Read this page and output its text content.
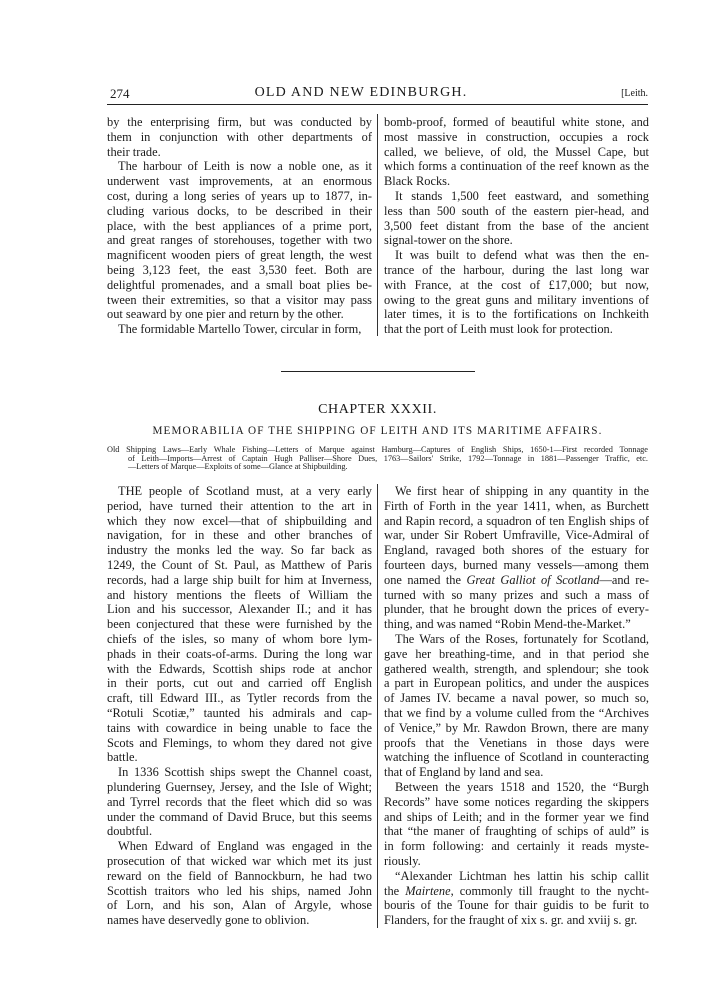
274	OLD AND NEW EDINBURGH.	[Leith.
by the enterprising firm, but was conducted by
them in conjunction with other departments of
their trade.
The harbour of Leith is now a noble one, as it
underwent vast improvements, at an enormous
cost, during a long series of years up to 1877, in-
cluding various docks, to be described in their
place, with the best appliances of a prime port,
and great ranges of storehouses, together with two
magnificent wooden piers of great length, the west
being 3,123 feet, the east 3,530 feet. Both are
delightful promenades, and a small boat plies be-
tween their extremities, so that a visitor may pass
out seaward by one pier and return by the other.
The formidable Martello Tower, circular in form,
bomb-proof, formed of beautiful white stone, and
most massive in construction, occupies a rock
called, we believe, of old, the Mussel Cape, but
which forms a continuation of the reef known as the
Black Rocks.
It stands 1,500 feet eastward, and something
less than 500 south of the eastern pier-head, and
3,500 feet distant from the base of the ancient
signal-tower on the shore.
It was built to defend what was then the en-
trance of the harbour, during the last long war
with France, at the cost of £17,000; but now,
owing to the great guns and military inventions of
later times, it is to the fortifications on Inchkeith
that the port of Leith must look for protection.
CHAPTER XXXII.
MEMORABILIA OF THE SHIPPING OF LEITH AND ITS MARITIME AFFAIRS.
Old Shipping Laws—Early Whale Fishing—Letters of Marque against Hamburg—Captures of English Ships, 1650-1—First recorded Tonnage
of Leith—Imports—Arrest of Captain Hugh Palliser—Shore Dues, 1763—Sailors' Strike, 1792—Tonnage in 1881—Passenger Traffic, etc.
—Letters of Marque—Exploits of some—Glance at Shipbuilding.
THE people of Scotland must, at a very early
period, have turned their attention to the art in
which they now excel—that of shipbuilding and
navigation, for in these and other branches of
industry the monks led the way. So far back as
1249, the Count of St. Paul, as Matthew of Paris
records, had a large ship built for him at Inverness,
and history mentions the fleets of William the
Lion and his successor, Alexander II.; and it has
been conjectured that these were furnished by the
chiefs of the isles, so many of whom bore lym-
phads in their coats-of-arms. During the long war
with the Edwards, Scottish ships rode at anchor
in their ports, cut out and carried off English
craft, till Edward III., as Tytler records from the
“Rotuli Scotiæ,” taunted his admirals and cap-
tains with cowardice in being unable to face the
Scots and Flemings, to whom they dared not give
battle.
In 1336 Scottish ships swept the Channel coast,
plundering Guernsey, Jersey, and the Isle of Wight;
and Tyrrel records that the fleet which did so was
under the command of David Bruce, but this seems
doubtful.
When Edward of England was engaged in the
prosecution of that wicked war which met its just
reward on the field of Bannockburn, he had two
Scottish traitors who led his ships, named John
of Lorn, and his son, Alan of Argyle, whose
names have deservedly gone to oblivion.
We first hear of shipping in any quantity in the
Firth of Forth in the year 1411, when, as Burchett
and Rapin record, a squadron of ten English ships of
war, under Sir Robert Umfraville, Vice-Admiral of
England, ravaged both shores of the estuary for
fourteen days, burned many vessels—among them
one named the Great Galliot of Scotland—and re-
turned with so many prizes and such a mass of
plunder, that he brought down the prices of every-
thing, and was named “Robin Mend-the-Market.”
The Wars of the Roses, fortunately for Scotland,
gave her breathing-time, and in that period she
gathered wealth, strength, and splendour; she took
a part in European politics, and under the auspices
of James IV. became a naval power, so much so,
that we find by a volume culled from the “Archives
of Venice,” by Mr. Rawdon Brown, there are many
proofs that the Venetians in those days were
watching the influence of Scotland in counteracting
that of England by land and sea.
Between the years 1518 and 1520, the “Burgh
Records” have some notices regarding the skippers
and ships of Leith; and in the former year we find
that “the maner of fraughting of schips of auld” is
in form following: and certainly it reads myste-
riously.
“Alexander Lichtman hes lattin his schip callit
the Mairtene, commonly till fraught to the nycht-
bouris of the Toune for thair guidis to be furit to
Flanders, for the fraught of xix s. gr. and xviij s. gr.
